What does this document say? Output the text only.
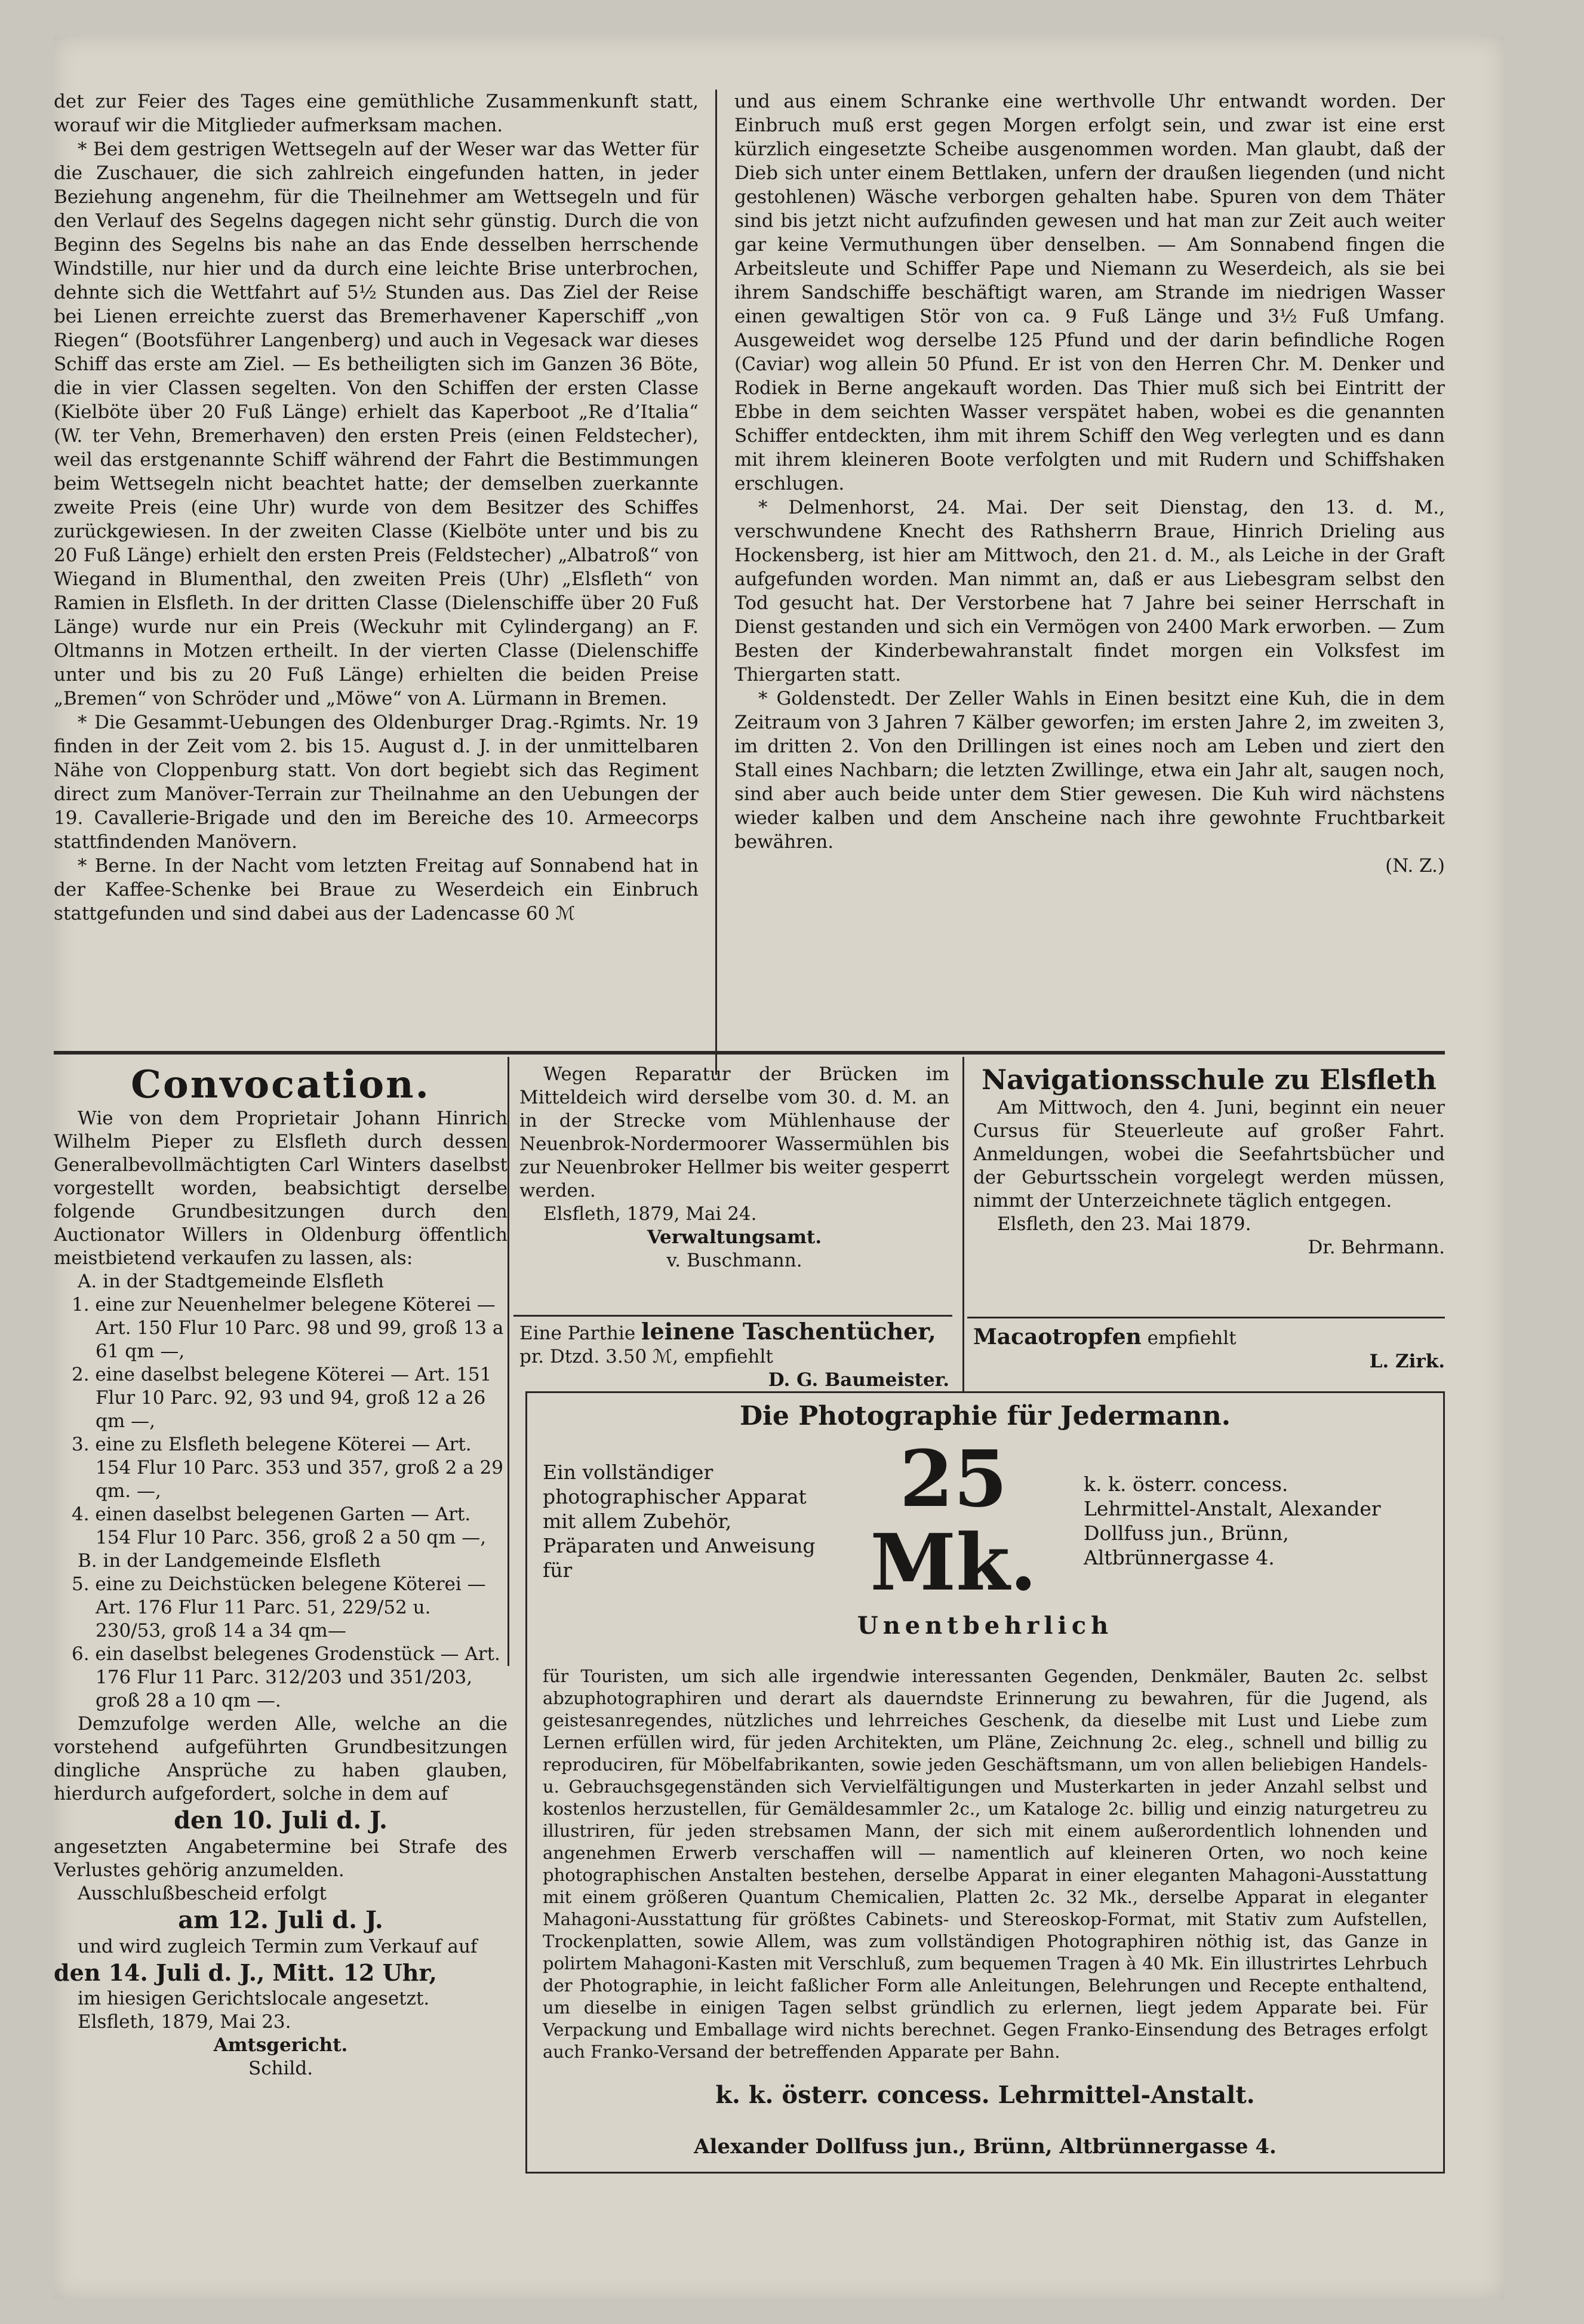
det zur Feier des Tages eine gemüthliche Zusammenkunft statt, worauf wir die Mitglieder aufmerksam machen.

* Bei dem gestrigen Wettsegeln auf der Weser war das Wetter für die Zuschauer, die sich zahlreich eingefunden hatten, in jeder Beziehung angenehm, für die Theilnehmer am Wettsegeln und für den Verlauf des Segelns dagegen nicht sehr günstig. Durch die von Beginn des Segelns bis nahe an das Ende desselben herrschende Windstille, nur hier und da durch eine leichte Brise unterbrochen, dehnte sich die Wettfahrt auf 5½ Stunden aus. Das Ziel der Reise bei Lienen erreichte zuerst das Bremerhavener Kaperschiff „von Riegen“ (Bootsführer Langenberg) und auch in Vegesack war dieses Schiff das erste am Ziel. — Es betheiligten sich im Ganzen 36 Böte, die in vier Classen segelten. Von den Schiffen der ersten Classe (Kielböte über 20 Fuß Länge) erhielt das Kaperboot „Re d’Italia“ (W. ter Vehn, Bremerhaven) den ersten Preis (einen Feldstecher), weil das erstgenannte Schiff während der Fahrt die Bestimmungen beim Wettsegeln nicht beachtet hatte; der demselben zuerkannte zweite Preis (eine Uhr) wurde von dem Besitzer des Schiffes zurückgewiesen. In der zweiten Classe (Kielböte unter und bis zu 20 Fuß Länge) erhielt den ersten Preis (Feldstecher) „Albatroß“ von Wiegand in Blumenthal, den zweiten Preis (Uhr) „Elsfleth“ von Ramien in Elsfleth. In der dritten Classe (Dielenschiffe über 20 Fuß Länge) wurde nur ein Preis (Weckuhr mit Cylindergang) an F. Oltmanns in Motzen ertheilt. In der vierten Classe (Dielenschiffe unter und bis zu 20 Fuß Länge) erhielten die beiden Preise „Bremen“ von Schröder und „Möwe“ von A. Lürmann in Bremen.

* Die Gesammt-Uebungen des Oldenburger Drag.-Rgimts. Nr. 19 finden in der Zeit vom 2. bis 15. August d. J. in der unmittelbaren Nähe von Cloppenburg statt. Von dort begiebt sich das Regiment direct zum Manöver-Terrain zur Theilnahme an den Uebungen der 19. Cavallerie-Brigade und den im Bereiche des 10. Armeecorps stattfindenden Manövern.

* Berne. In der Nacht vom letzten Freitag auf Sonnabend hat in der Kaffee-Schenke bei Braue zu Weserdeich ein Einbruch stattgefunden und sind dabei aus der Ladencasse 60 ℳ

und aus einem Schranke eine werthvolle Uhr entwandt worden. Der Einbruch muß erst gegen Morgen erfolgt sein, und zwar ist eine erst kürzlich eingesetzte Scheibe ausgenommen worden. Man glaubt, daß der Dieb sich unter einem Bettlaken, unfern der draußen liegenden (und nicht gestohlenen) Wäsche verborgen gehalten habe. Spuren von dem Thäter sind bis jetzt nicht aufzufinden gewesen und hat man zur Zeit auch weiter gar keine Vermuthungen über denselben. — Am Sonnabend fingen die Arbeitsleute und Schiffer Pape und Niemann zu Weserdeich, als sie bei ihrem Sandschiffe beschäftigt waren, am Strande im niedrigen Wasser einen gewaltigen Stör von ca. 9 Fuß Länge und 3½ Fuß Umfang. Ausgeweidet wog derselbe 125 Pfund und der darin befindliche Rogen (Caviar) wog allein 50 Pfund. Er ist von den Herren Chr. M. Denker und Rodiek in Berne angekauft worden. Das Thier muß sich bei Eintritt der Ebbe in dem seichten Wasser verspätet haben, wobei es die genannten Schiffer entdeckten, ihm mit ihrem Schiff den Weg verlegten und es dann mit ihrem kleineren Boote verfolgten und mit Rudern und Schiffshaken erschlugen.

* Delmenhorst, 24. Mai. Der seit Dienstag, den 13. d. M., verschwundene Knecht des Rathsherrn Braue, Hinrich Drieling aus Hockensberg, ist hier am Mittwoch, den 21. d. M., als Leiche in der Graft aufgefunden worden. Man nimmt an, daß er aus Liebesgram selbst den Tod gesucht hat. Der Verstorbene hat 7 Jahre bei seiner Herrschaft in Dienst gestanden und sich ein Vermögen von 2400 Mark erworben. — Zum Besten der Kinderbewahranstalt findet morgen ein Volksfest im Thiergarten statt.

* Goldenstedt. Der Zeller Wahls in Einen besitzt eine Kuh, die in dem Zeitraum von 3 Jahren 7 Kälber geworfen; im ersten Jahre 2, im zweiten 3, im dritten 2. Von den Drillingen ist eines noch am Leben und ziert den Stall eines Nachbarn; die letzten Zwillinge, etwa ein Jahr alt, saugen noch, sind aber auch beide unter dem Stier gewesen. Die Kuh wird nächstens wieder kalben und dem Anscheine nach ihre gewohnte Fruchtbarkeit bewähren.

(N. Z.)

Convocation.

Wie von dem Proprietair Johann Hinrich Wilhelm Pieper zu Elsfleth durch dessen Generalbevollmächtigten Carl Winters daselbst vorgestellt worden, beabsichtigt derselbe folgende Grundbesitzungen durch den Auctionator Willers in Oldenburg öffentlich meistbietend verkaufen zu lassen, als:

A. in der Stadtgemeinde Elsfleth

1. eine zur Neuenhelmer belegene Köterei — Art. 150 Flur 10 Parc. 98 und 99, groß 13 a 61 qm —,
2. eine daselbst belegene Köterei — Art. 151 Flur 10 Parc. 92, 93 und 94, groß 12 a 26 qm —,
3. eine zu Elsfleth belegene Köterei — Art. 154 Flur 10 Parc. 353 und 357, groß 2 a 29 qm. —,
4. einen daselbst belegenen Garten — Art. 154 Flur 10 Parc. 356, groß 2 a 50 qm —,

B. in der Landgemeinde Elsfleth

5. eine zu Deichstücken belegene Köterei — Art. 176 Flur 11 Parc. 51, 229/52 u. 230/53, groß 14 a 34 qm—
6. ein daselbst belegenes Grodenstück — Art. 176 Flur 11 Parc. 312/203 und 351/203, groß 28 a 10 qm —.

Demzufolge werden Alle, welche an die vorstehend aufgeführten Grundbesitzungen dingliche Ansprüche zu haben glauben, hierdurch aufgefordert, solche in dem auf

den 10. Juli d. J.

angesetzten Angabetermine bei Strafe des Verlustes gehörig anzumelden.

Ausschlußbescheid erfolgt

am 12. Juli d. J.

und wird zugleich Termin zum Verkauf auf

den 14. Juli d. J., Mitt. 12 Uhr,

im hiesigen Gerichtslocale angesetzt.

Elsfleth, 1879, Mai 23.

Amtsgericht.

Schild.

Wegen Reparatur der Brücken im Mitteldeich wird derselbe vom 30. d. M. an in der Strecke vom Mühlenhause der Neuenbrok-Nordermoorer Wassermühlen bis zur Neuenbroker Hellmer bis weiter gesperrt werden.

Elsfleth, 1879, Mai 24.

Verwaltungsamt.

v. Buschmann.

Eine Parthie leinene Taschentücher, pr. Dtzd. 3.50 ℳ, empfiehlt

D. G. Baumeister.

Navigationsschule zu Elsfleth

Am Mittwoch, den 4. Juni, beginnt ein neuer Cursus für Steuerleute auf großer Fahrt. Anmeldungen, wobei die Seefahrtsbücher und der Geburtsschein vorgelegt werden müssen, nimmt der Unterzeichnete täglich entgegen.

Elsfleth, den 23. Mai 1879.

Dr. Behrmann.

Macaotropfen empfiehlt

L. Zirk.

Die Photographie für Jedermann.
Ein vollständiger photographischer Apparat mit allem Zubehör, Präparaten und Anweisung für
25 Mk.
k. k. österr. concess. Lehrmittel-Anstalt, Alexander Dollfuss jun., Brünn, Altbrünnergasse 4.

Unentbehrlich

für Touristen, um sich alle irgendwie interessanten Gegenden, Denkmäler, Bauten 2c. selbst abzuphotographiren und derart als dauerndste Erinnerung zu bewahren, für die Jugend, als geistesanregendes, nützliches und lehrreiches Geschenk, da dieselbe mit Lust und Liebe zum Lernen erfüllen wird, für jeden Architekten, um Pläne, Zeichnung 2c. eleg., schnell und billig zu reproduciren, für Möbelfabrikanten, sowie jeden Geschäftsmann, um von allen beliebigen Handels- u. Gebrauchsgegenständen sich Vervielfältigungen und Musterkarten in jeder Anzahl selbst und kostenlos herzustellen, für Gemäldesammler 2c., um Kataloge 2c. billig und einzig naturgetreu zu illustriren, für jeden strebsamen Mann, der sich mit einem außerordentlich lohnenden und angenehmen Erwerb verschaffen will — namentlich auf kleineren Orten, wo noch keine photographischen Anstalten bestehen, derselbe Apparat in einer eleganten Mahagoni-Ausstattung mit einem größeren Quantum Chemicalien, Platten 2c. 32 Mk., derselbe Apparat in eleganter Mahagoni-Ausstattung für größtes Cabinets- und Stereoskop-Format, mit Stativ zum Aufstellen, Trockenplatten, sowie Allem, was zum vollständigen Photographiren nöthig ist, das Ganze in polirtem Mahagoni-Kasten mit Verschluß, zum bequemen Tragen à 40 Mk. Ein illustrirtes Lehrbuch der Photographie, in leicht faßlicher Form alle Anleitungen, Belehrungen und Recepte enthaltend, um dieselbe in einigen Tagen selbst gründlich zu erlernen, liegt jedem Apparate bei. Für Verpackung und Emballage wird nichts berechnet. Gegen Franko-Einsendung des Betrages erfolgt auch Franko-Versand der betreffenden Apparate per Bahn.

k. k. österr. concess. Lehrmittel-Anstalt.

Alexander Dollfuss jun., Brünn, Altbrünnergasse 4.
